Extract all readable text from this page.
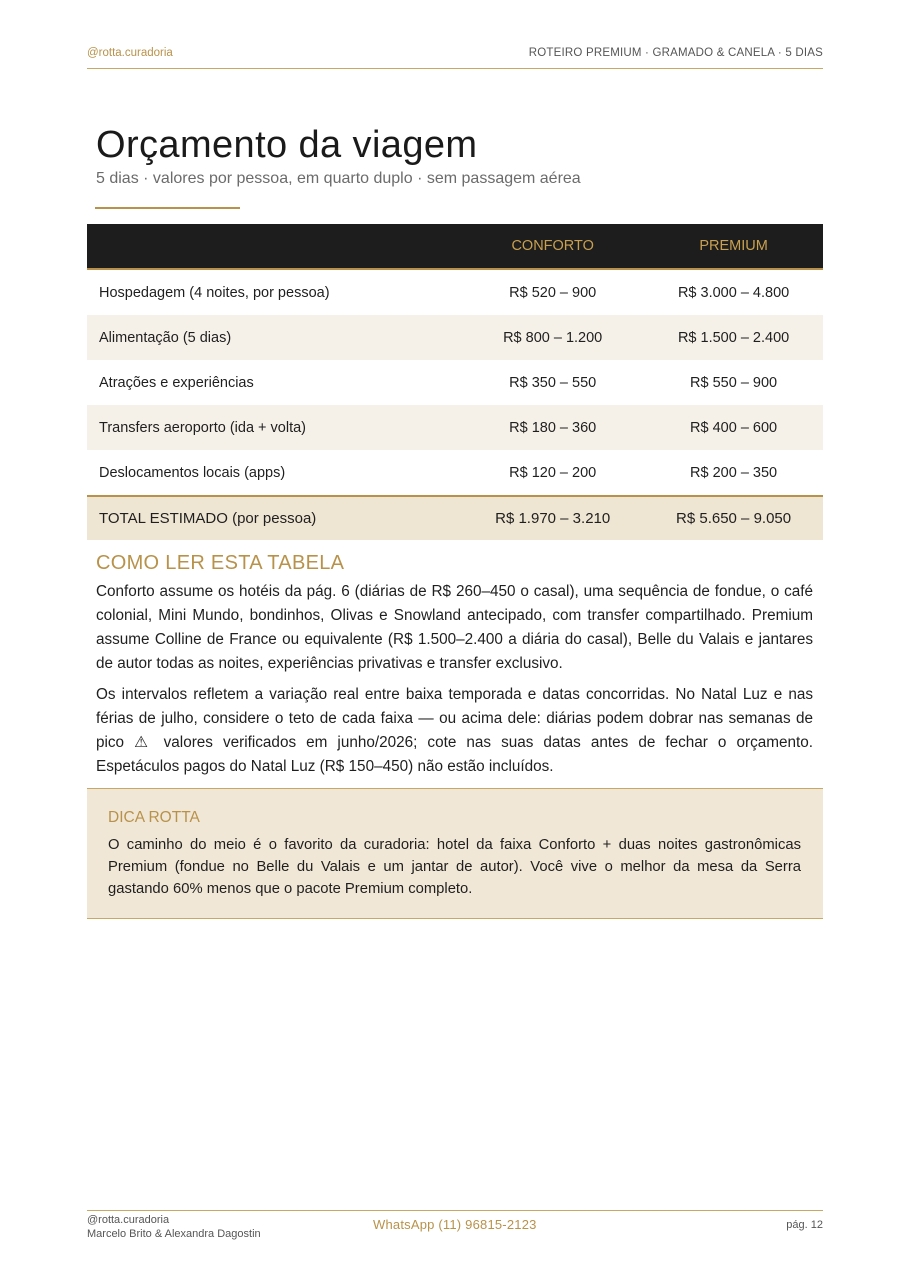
@rotta.curadoria	ROTEIRO PREMIUM · GRAMADO & CANELA · 5 DIAS
Orçamento da viagem
5 dias · valores por pessoa, em quarto duplo · sem passagem aérea
	CONFORTO	PREMIUM
Hospedagem (4 noites, por pessoa)	R$ 520 – 900	R$ 3.000 – 4.800
Alimentação (5 dias)	R$ 800 – 1.200	R$ 1.500 – 2.400
Atrações e experiências	R$ 350 – 550	R$ 550 – 900
Transfers aeroporto (ida + volta)	R$ 180 – 360	R$ 400 – 600
Deslocamentos locais (apps)	R$ 120 – 200	R$ 200 – 350
TOTAL ESTIMADO (por pessoa)	R$ 1.970 – 3.210	R$ 5.650 – 9.050
COMO LER ESTA TABELA

Conforto assume os hotéis da pág. 6 (diárias de R$ 260–450 o casal), uma sequência de fondue, o café colonial, Mini Mundo, bondinhos, Olivas e Snowland antecipado, com transfer compartilhado. Premium assume Colline de France ou equivalente (R$ 1.500–2.400 a diária do casal), Belle du Valais e jantares de autor todas as noites, experiências privativas e transfer exclusivo.

Os intervalos refletem a variação real entre baixa temporada e datas concorridas. No Natal Luz e nas férias de julho, considere o teto de cada faixa — ou acima dele: diárias podem dobrar nas semanas de pico ⚠ valores verificados em junho/2026; cote nas suas datas antes de fechar o orçamento. Espetáculos pagos do Natal Luz (R$ 150–450) não estão incluídos.

DICA ROTTA

O caminho do meio é o favorito da curadoria: hotel da faixa Conforto + duas noites gastronômicas Premium (fondue no Belle du Valais e um jantar de autor). Você vive o melhor da mesa da Serra gastando 60% menos que o pacote Premium completo.

@rotta.curadoria
Marcelo Brito & Alexandra Dagostin
WhatsApp (11) 96815-2123	pág. 12
